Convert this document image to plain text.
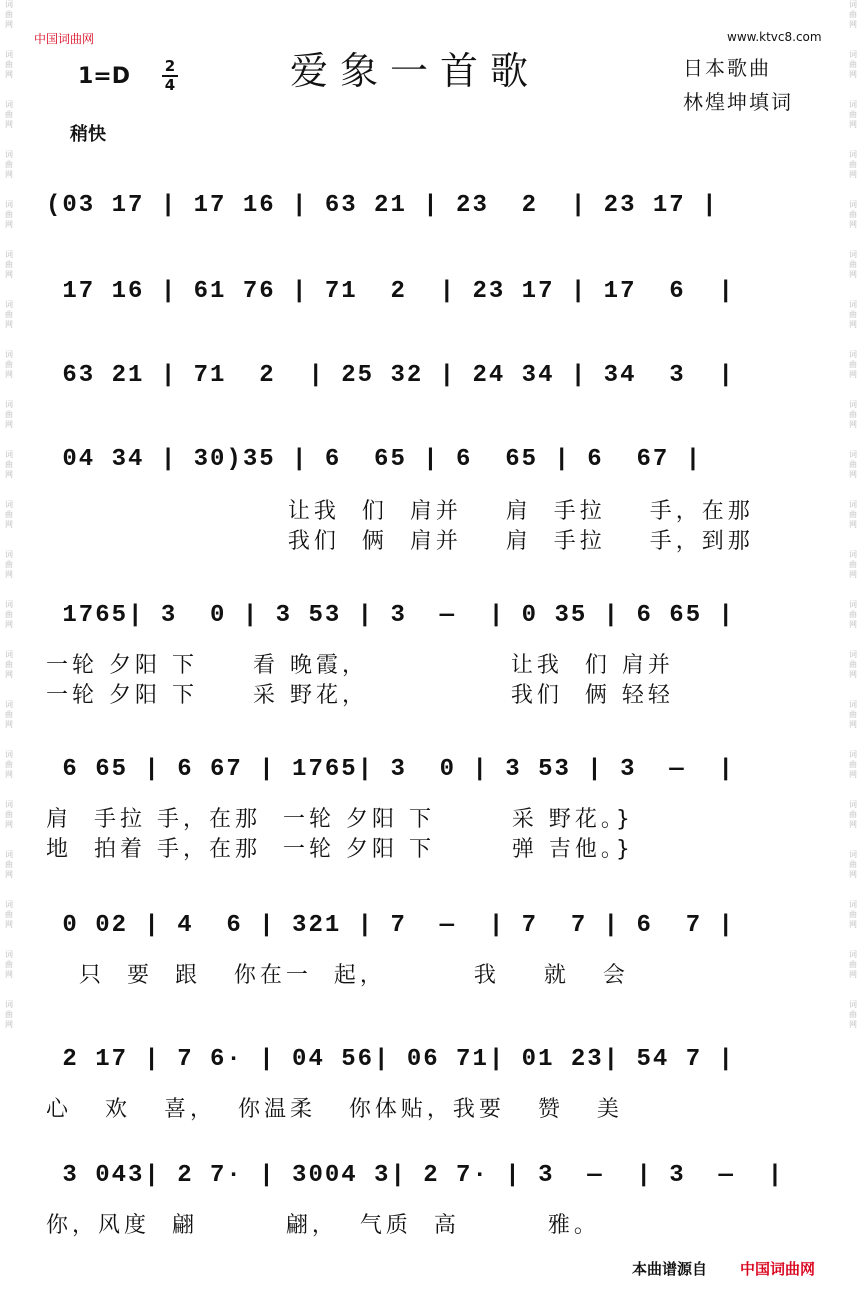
词
曲
网

词
曲
网

词
曲
网

词
曲
网

词
曲
网

词
曲
网

词
曲
网

词
曲
网

词
曲
网

词
曲
网

词
曲
网

词
曲
网

词
曲
网

词
曲
网

词
曲
网

词
曲
网

词
曲
网

词
曲
网

词
曲
网

词
曲
网

词
曲
网

词
曲
网

词
曲
网

词
曲
网

词
曲
网

词
曲
网

词
曲
网

词
曲
网

词
曲
网

词
曲
网

词
曲
网

词
曲
网

词
曲
网

词
曲
网

词
曲
网

词
曲
网

词
曲
网

词
曲
网

词
曲
网

词
曲
网

词
曲
网

词
曲
网

中国词曲网	www.ktvc8.com
1=D	2
4	爱象一首歌	日本歌曲
林煌坤填词
稍快
(03 17 | 17 16 | 63 21 | 23  2  | 23 17 |
17 16 | 61 76 | 71  2  | 23 17 | 17  6  |
63 21 | 71  2  | 25 32 | 24 34 | 34  3  |
04 34 | 30)35 | 6  65 | 6  65 | 6  67 |
让我  们  肩并    肩  手拉    手，在那
我们  俩  肩并    肩  手拉    手，到那
1765| 3  0 | 3 53 | 3  —  | 0 35 | 6 65 |
一轮 夕阳 下     看 晚霞，             让我  们 肩并
一轮 夕阳 下     采 野花，             我们  俩 轻轻
6 65 | 6 67 | 1765| 3  0 | 3 53 | 3  —  |
肩  手拉 手，在那  一轮 夕阳 下       采 野花。}
地  拍着 手，在那  一轮 夕阳 下       弹 吉他。}
0 02 | 4  6 | 321 | 7  —  | 7  7 | 6  7 |
只  要  跟   你在一  起，        我    就   会
2 17 | 7 6· | 04 56| 06 71| 01 23| 54 7 |
心   欢   喜，  你温柔   你体贴，我要   赞   美
3 043| 2 7· | 3004 3| 2 7· | 3  —  | 3  —  |
你，风度  翩        翩，  气质  高        雅。
本曲谱源自 中国词曲网
